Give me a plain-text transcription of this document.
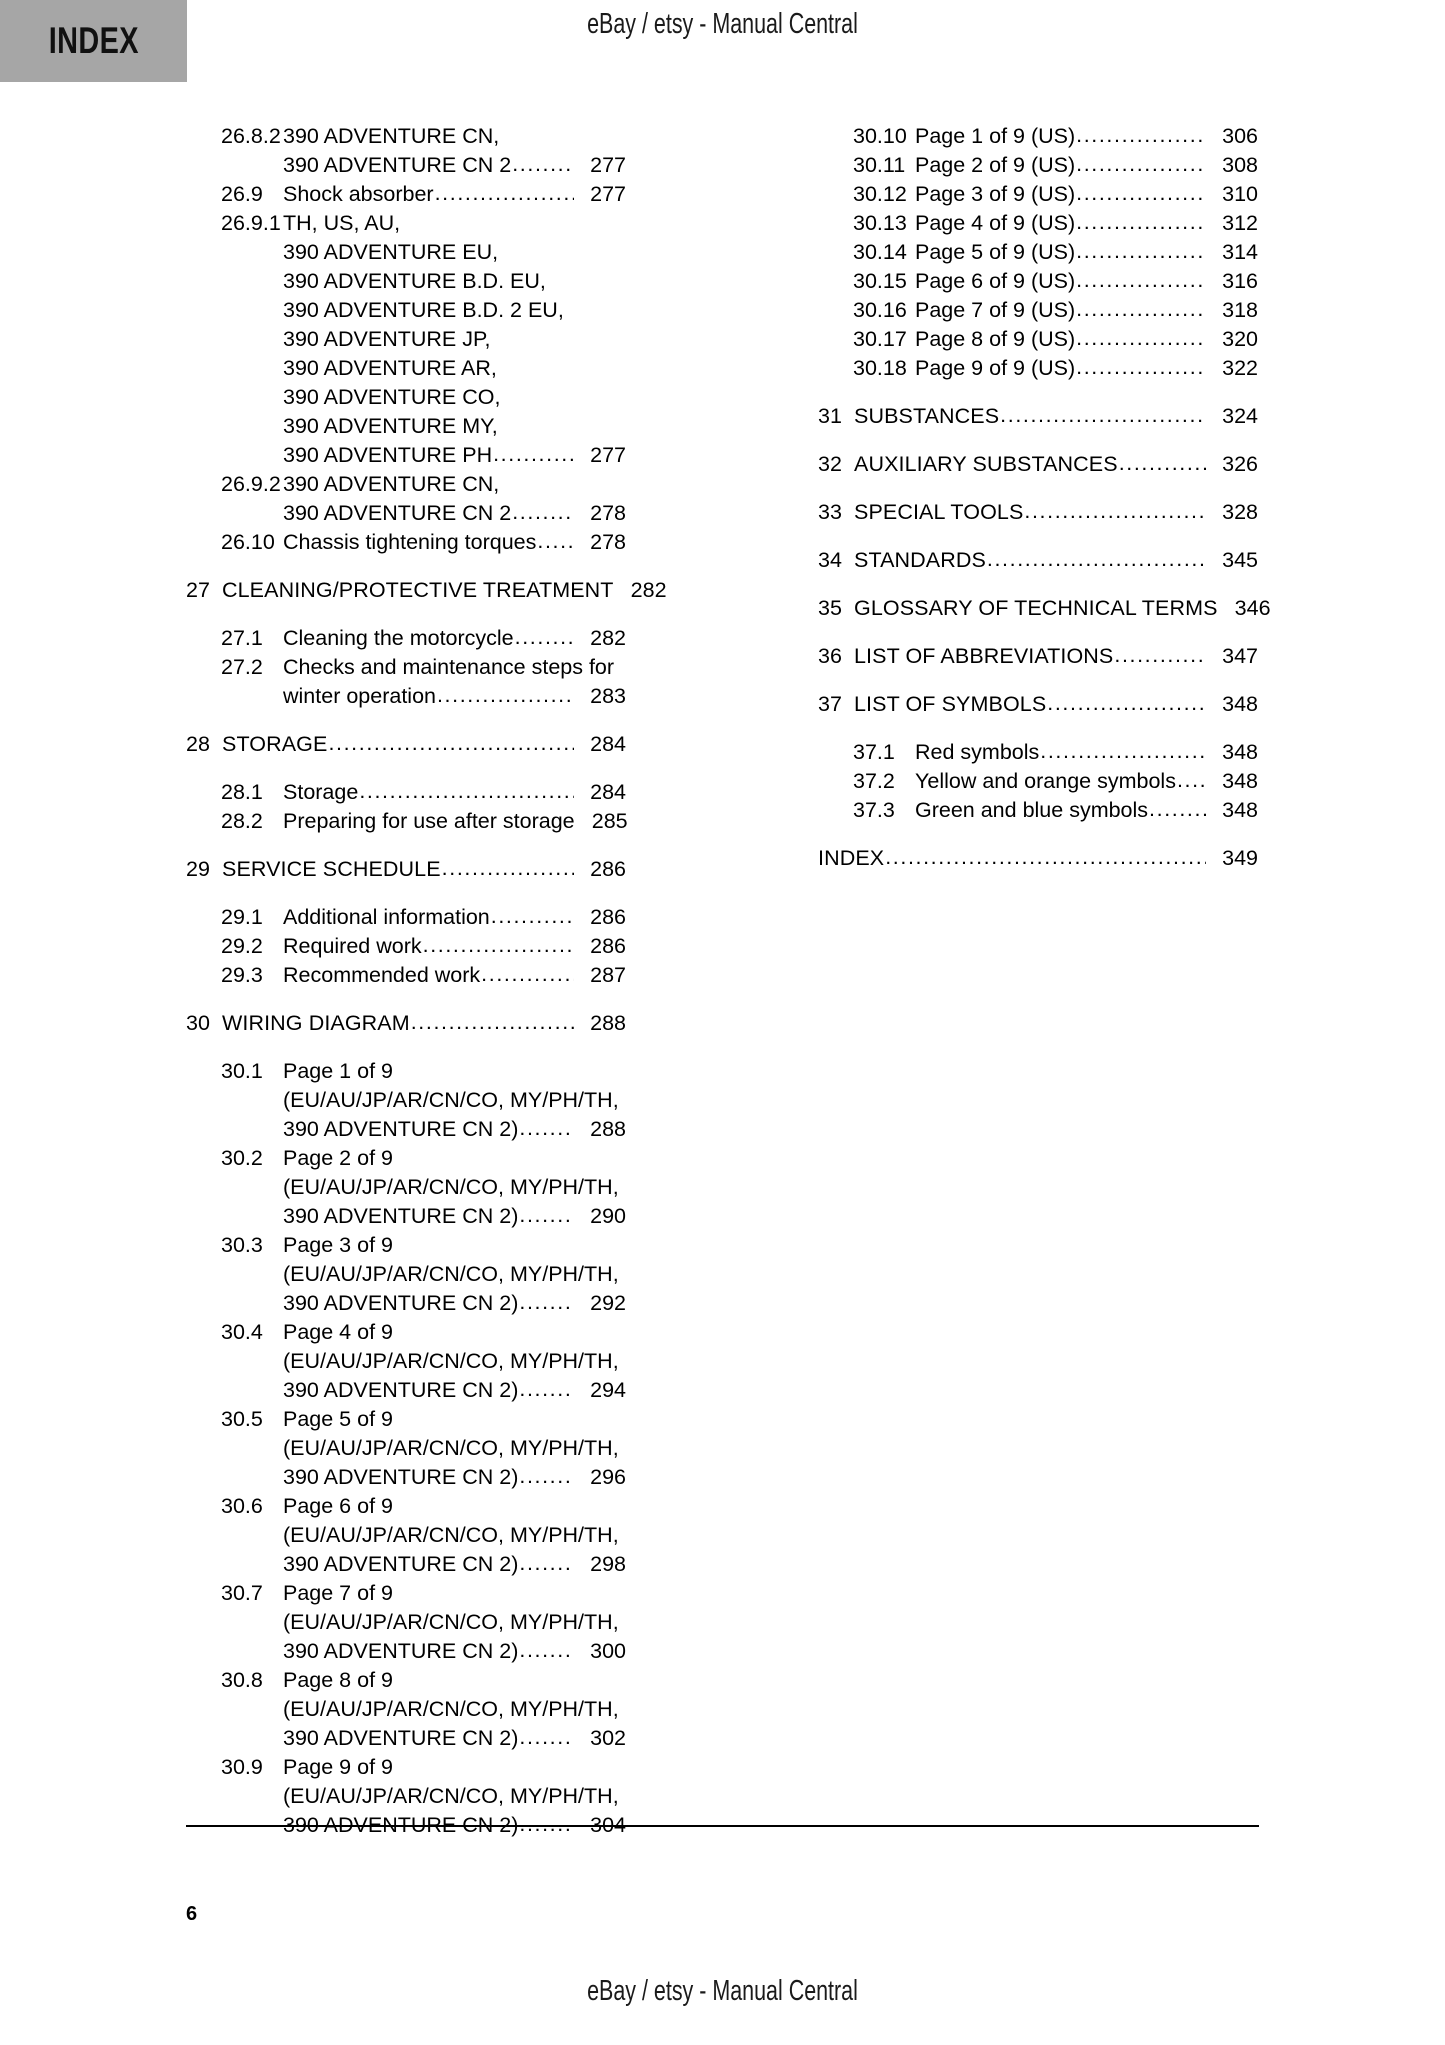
INDEX	eBay / etsy - Manual Central
26.8.2 390 ADVENTURE CN,
390 ADVENTURE CN 2 .....	277
26.9 Shock absorber .....	277
26.9.1 TH, US, AU,
390 ADVENTURE EU,
390 ADVENTURE B.D. EU,
390 ADVENTURE B.D. 2 EU,
390 ADVENTURE JP,
390 ADVENTURE AR,
390 ADVENTURE CO,
390 ADVENTURE MY,
390 ADVENTURE PH .....	277
26.9.2 390 ADVENTURE CN,
390 ADVENTURE CN 2 .....	278
26.10 Chassis tightening torques .....	278
27 CLEANING/PROTECTIVE TREATMENT 282
27.1 Cleaning the motorcycle .....	282
27.2 Checks and maintenance steps for
winter operation .....	283
28 STORAGE .....	284
28.1 Storage .....	284
28.2 Preparing for use after storage 285
29 SERVICE SCHEDULE .....	286
29.1 Additional information .....	286
29.2 Required work .....	286
29.3 Recommended work .....	287
30 WIRING DIAGRAM .....	288
30.1 Page 1 of 9
(EU/AU/JP/AR/CN/CO, MY/PH/TH,
390 ADVENTURE CN 2) .....	288
30.2 Page 2 of 9
(EU/AU/JP/AR/CN/CO, MY/PH/TH,
390 ADVENTURE CN 2) .....	290
30.3 Page 3 of 9
(EU/AU/JP/AR/CN/CO, MY/PH/TH,
390 ADVENTURE CN 2) .....	292
30.4 Page 4 of 9
(EU/AU/JP/AR/CN/CO, MY/PH/TH,
390 ADVENTURE CN 2) .....	294
30.5 Page 5 of 9
(EU/AU/JP/AR/CN/CO, MY/PH/TH,
390 ADVENTURE CN 2) .....	296
30.6 Page 6 of 9
(EU/AU/JP/AR/CN/CO, MY/PH/TH,
390 ADVENTURE CN 2) .....	298
30.7 Page 7 of 9
(EU/AU/JP/AR/CN/CO, MY/PH/TH,
390 ADVENTURE CN 2) .....	300
30.8 Page 8 of 9
(EU/AU/JP/AR/CN/CO, MY/PH/TH,
390 ADVENTURE CN 2) .....	302
30.9 Page 9 of 9
(EU/AU/JP/AR/CN/CO, MY/PH/TH,
390 ADVENTURE CN 2) .....	304
30.10 Page 1 of 9 (US) .....	306
30.11 Page 2 of 9 (US) .....	308
30.12 Page 3 of 9 (US) .....	310
30.13 Page 4 of 9 (US) .....	312
30.14 Page 5 of 9 (US) .....	314
30.15 Page 6 of 9 (US) .....	316
30.16 Page 7 of 9 (US) .....	318
30.17 Page 8 of 9 (US) .....	320
30.18 Page 9 of 9 (US) .....	322
31 SUBSTANCES .....	324
32 AUXILIARY SUBSTANCES .....	326
33 SPECIAL TOOLS .....	328
34 STANDARDS .....	345
35 GLOSSARY OF TECHNICAL TERMS 346
36 LIST OF ABBREVIATIONS .....	347
37 LIST OF SYMBOLS .....	348
37.1 Red symbols .....	348
37.2 Yellow and orange symbols .....	348
37.3 Green and blue symbols .....	348
INDEX .....	349
6
eBay / etsy - Manual Central
